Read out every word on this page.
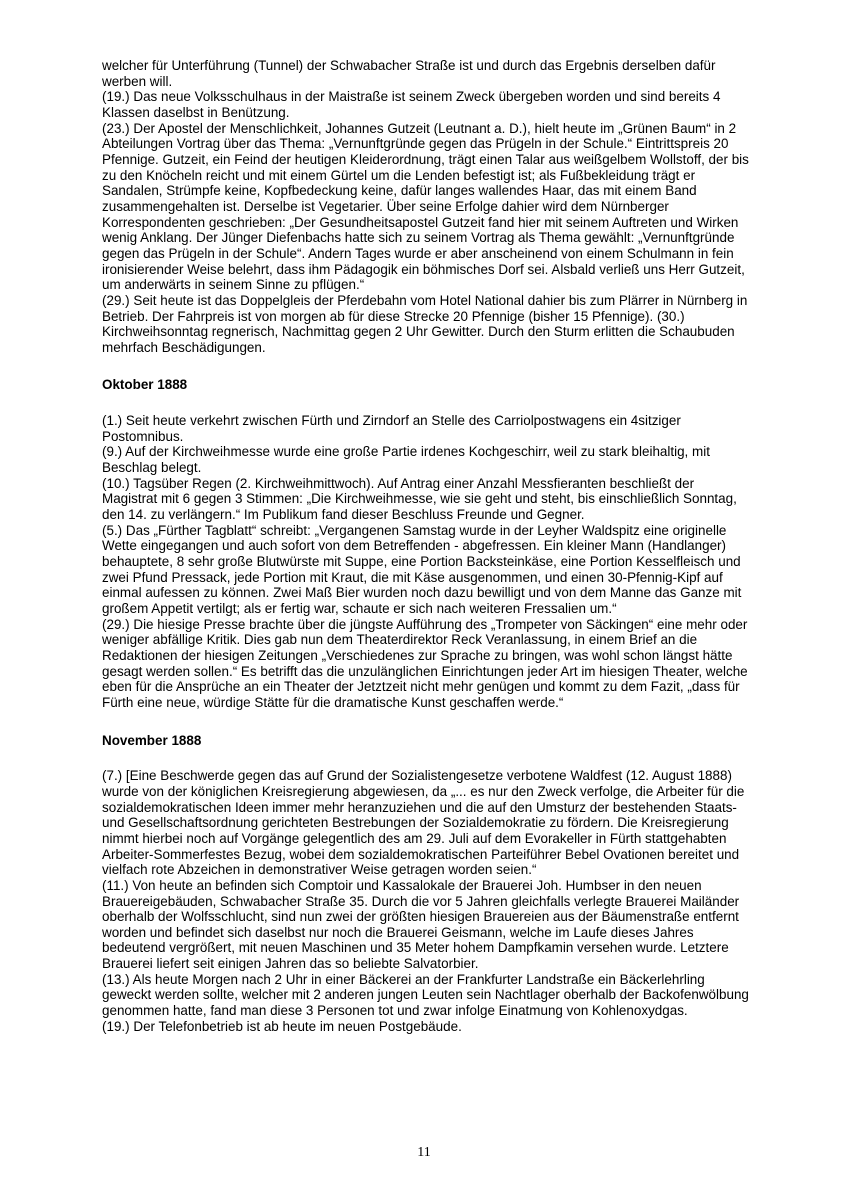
welcher für Unterführung (Tunnel) der Schwabacher Straße ist und durch das Ergebnis derselben dafür werben will.

(19.) Das neue Volksschulhaus in der Maistraße ist seinem Zweck übergeben worden und sind bereits 4 Klassen daselbst in Benützung.

(23.) Der Apostel der Menschlichkeit, Johannes Gutzeit (Leutnant a. D.), hielt heute im „Grünen Baum“ in 2 Abteilungen Vortrag über das Thema: „Vernunftgründe gegen das Prügeln in der Schule.“ Eintrittspreis 20 Pfennige. Gutzeit, ein Feind der heutigen Kleiderordnung, trägt einen Talar aus weißgelbem Wollstoff, der bis zu den Knöcheln reicht und mit einem Gürtel um die Lenden befestigt ist; als Fußbekleidung trägt er Sandalen, Strümpfe keine, Kopfbedeckung keine, dafür langes wallendes Haar, das mit einem Band zusammengehalten ist. Derselbe ist Vegetarier. Über seine Erfolge dahier wird dem Nürnberger Korrespondenten geschrieben: „Der Gesundheitsapostel Gutzeit fand hier mit seinem Auftreten und Wirken wenig Anklang. Der Jünger Diefenbachs hatte sich zu seinem Vortrag als Thema gewählt: „Vernunftgründe gegen das Prügeln in der Schule“. Andern Tages wurde er aber anscheinend von einem Schulmann in fein ironisierender Weise belehrt, dass ihm Pädagogik ein böhmisches Dorf sei. Alsbald verließ uns Herr Gutzeit, um anderwärts in seinem Sinne zu pflügen.“

(29.) Seit heute ist das Doppelgleis der Pferdebahn vom Hotel National dahier bis zum Plärrer in Nürnberg in Betrieb. Der Fahrpreis ist von morgen ab für diese Strecke 20 Pfennige (bisher 15 Pfennige). (30.) Kirchweihsonntag regnerisch, Nachmittag gegen 2 Uhr Gewitter. Durch den Sturm erlitten die Schaubuden mehrfach Beschädigungen.

Oktober 1888

(1.) Seit heute verkehrt zwischen Fürth und Zirndorf an Stelle des Carriolpostwagens ein 4sitziger Postomnibus.

(9.) Auf der Kirchweihmesse wurde eine große Partie irdenes Kochgeschirr, weil zu stark bleihaltig, mit Beschlag belegt.

(10.) Tagsüber Regen (2. Kirchweihmittwoch). Auf Antrag einer Anzahl Messfieranten beschließt der Magistrat mit 6 gegen 3 Stimmen: „Die Kirchweihmesse, wie sie geht und steht, bis einschließlich Sonntag, den 14. zu verlängern.“ Im Publikum fand dieser Beschluss Freunde und Gegner.

(5.) Das „Fürther Tagblatt“ schreibt: „Vergangenen Samstag wurde in der Leyher Waldspitz eine originelle Wette eingegangen und auch sofort von dem Betreffenden - abgefressen. Ein kleiner Mann (Handlanger) behauptete, 8 sehr große Blutwürste mit Suppe, eine Portion Backsteinkäse, eine Portion Kesselfleisch und zwei Pfund Pressack, jede Portion mit Kraut, die mit Käse ausgenommen, und einen 30-Pfennig-Kipf auf einmal aufessen zu können. Zwei Maß Bier wurden noch dazu bewilligt und von dem Manne das Ganze mit großem Appetit vertilgt; als er fertig war, schaute er sich nach weiteren Fressalien um.“

(29.) Die hiesige Presse brachte über die jüngste Aufführung des „Trompeter von Säckingen“ eine mehr oder weniger abfällige Kritik. Dies gab nun dem Theaterdirektor Reck Veranlassung, in einem Brief an die Redaktionen der hiesigen Zeitungen „Verschiedenes zur Sprache zu bringen, was wohl schon längst hätte gesagt werden sollen.“ Es betrifft das die unzulänglichen Einrichtungen jeder Art im hiesigen Theater, welche eben für die Ansprüche an ein Theater der Jetztzeit nicht mehr genügen und kommt zu dem Fazit, „dass für Fürth eine neue, würdige Stätte für die dramatische Kunst geschaffen werde.“

November 1888

(7.) [Eine Beschwerde gegen das auf Grund der Sozialistengesetze verbotene Waldfest (12. August 1888) wurde von der königlichen Kreisregierung abgewiesen, da „... es nur den Zweck verfolge, die Arbeiter für die sozialdemokratischen Ideen immer mehr heranzuziehen und die auf den Umsturz der bestehenden Staats- und Gesellschaftsordnung gerichteten Bestrebungen der Sozialdemokratie zu fördern. Die Kreisregierung nimmt hierbei noch auf Vorgänge gelegentlich des am 29. Juli auf dem Evorakeller in Fürth stattgehabten Arbeiter-Sommerfestes Bezug, wobei dem sozialdemokratischen Parteiführer Bebel Ovationen bereitet und vielfach rote Abzeichen in demonstrativer Weise getragen worden seien.“

(11.) Von heute an befinden sich Comptoir und Kassalokale der Brauerei Joh. Humbser in den neuen Brauereigebäuden, Schwabacher Straße 35. Durch die vor 5 Jahren gleichfalls verlegte Brauerei Mailänder oberhalb der Wolfsschlucht, sind nun zwei der größten hiesigen Brauereien aus der Bäumenstraße entfernt worden und befindet sich daselbst nur noch die Brauerei Geismann, welche im Laufe dieses Jahres bedeutend vergrößert, mit neuen Maschinen und 35 Meter hohem Dampfkamin versehen wurde. Letztere Brauerei liefert seit einigen Jahren das so beliebte Salvatorbier.

(13.) Als heute Morgen nach 2 Uhr in einer Bäckerei an der Frankfurter Landstraße ein Bäckerlehrling geweckt werden sollte, welcher mit 2 anderen jungen Leuten sein Nachtlager oberhalb der Backofenwölbung genommen hatte, fand man diese 3 Personen tot und zwar infolge Einatmung von Kohlenoxydgas.

(19.) Der Telefonbetrieb ist ab heute im neuen Postgebäude.

11
